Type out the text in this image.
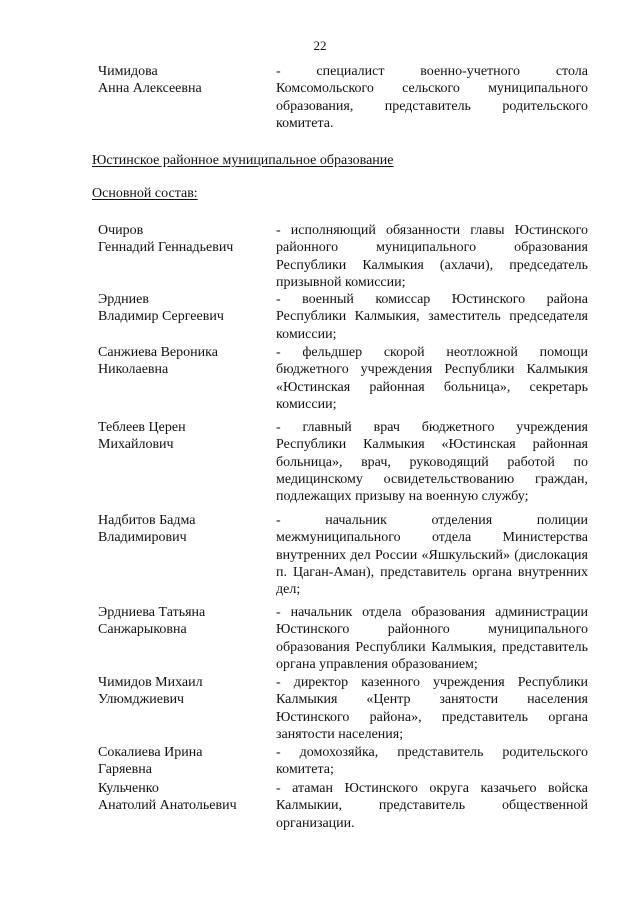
22
Чимидова
Анна Алексеевна
- специалист военно-учетного стола Комсомольского сельского муниципального образования, представитель родительского комитета.
Юстинское районное муниципальное образование
Основной состав:
Очиров
Геннадий Геннадьевич
- исполняющий обязанности главы Юстинского районного муниципального образования Республики Калмыкия (ахлачи), председатель призывной комиссии;
Эрдниев
Владимир Сергеевич
- военный комиссар Юстинского района Республики Калмыкия, заместитель председателя комиссии;
Санжиева Вероника
Николаевна
- фельдшер скорой неотложной помощи бюджетного учреждения Республики Калмыкия «Юстинская районная больница», секретарь комиссии;
Теблеев Церен
Михайлович
- главный врач бюджетного учреждения Республики Калмыкия «Юстинская районная больница», врач, руководящий работой по медицинскому освидетельствованию граждан, подлежащих призыву на военную службу;
Надбитов Бадма
Владимирович
- начальник отделения полиции межмуниципального отдела Министерства внутренних дел России «Яшкульский» (дислокация п. Цаган-Аман), представитель органа внутренних дел;
Эрдниева Татьяна
Санжарыковна
- начальник отдела образования администрации Юстинского районного муниципального образования Республики Калмыкия, представитель органа управления образованием;
Чимидов Михаил
Улюмджиевич
- директор казенного учреждения Республики Калмыкия «Центр занятости населения Юстинского района», представитель органа занятости населения;
Сокалиева Ирина
Гаряевна
- домохозяйка, представитель родительского комитета;
Кульченко
Анатолий Анатольевич
- атаман Юстинского округа казачьего войска Калмыкии, представитель общественной организации.
